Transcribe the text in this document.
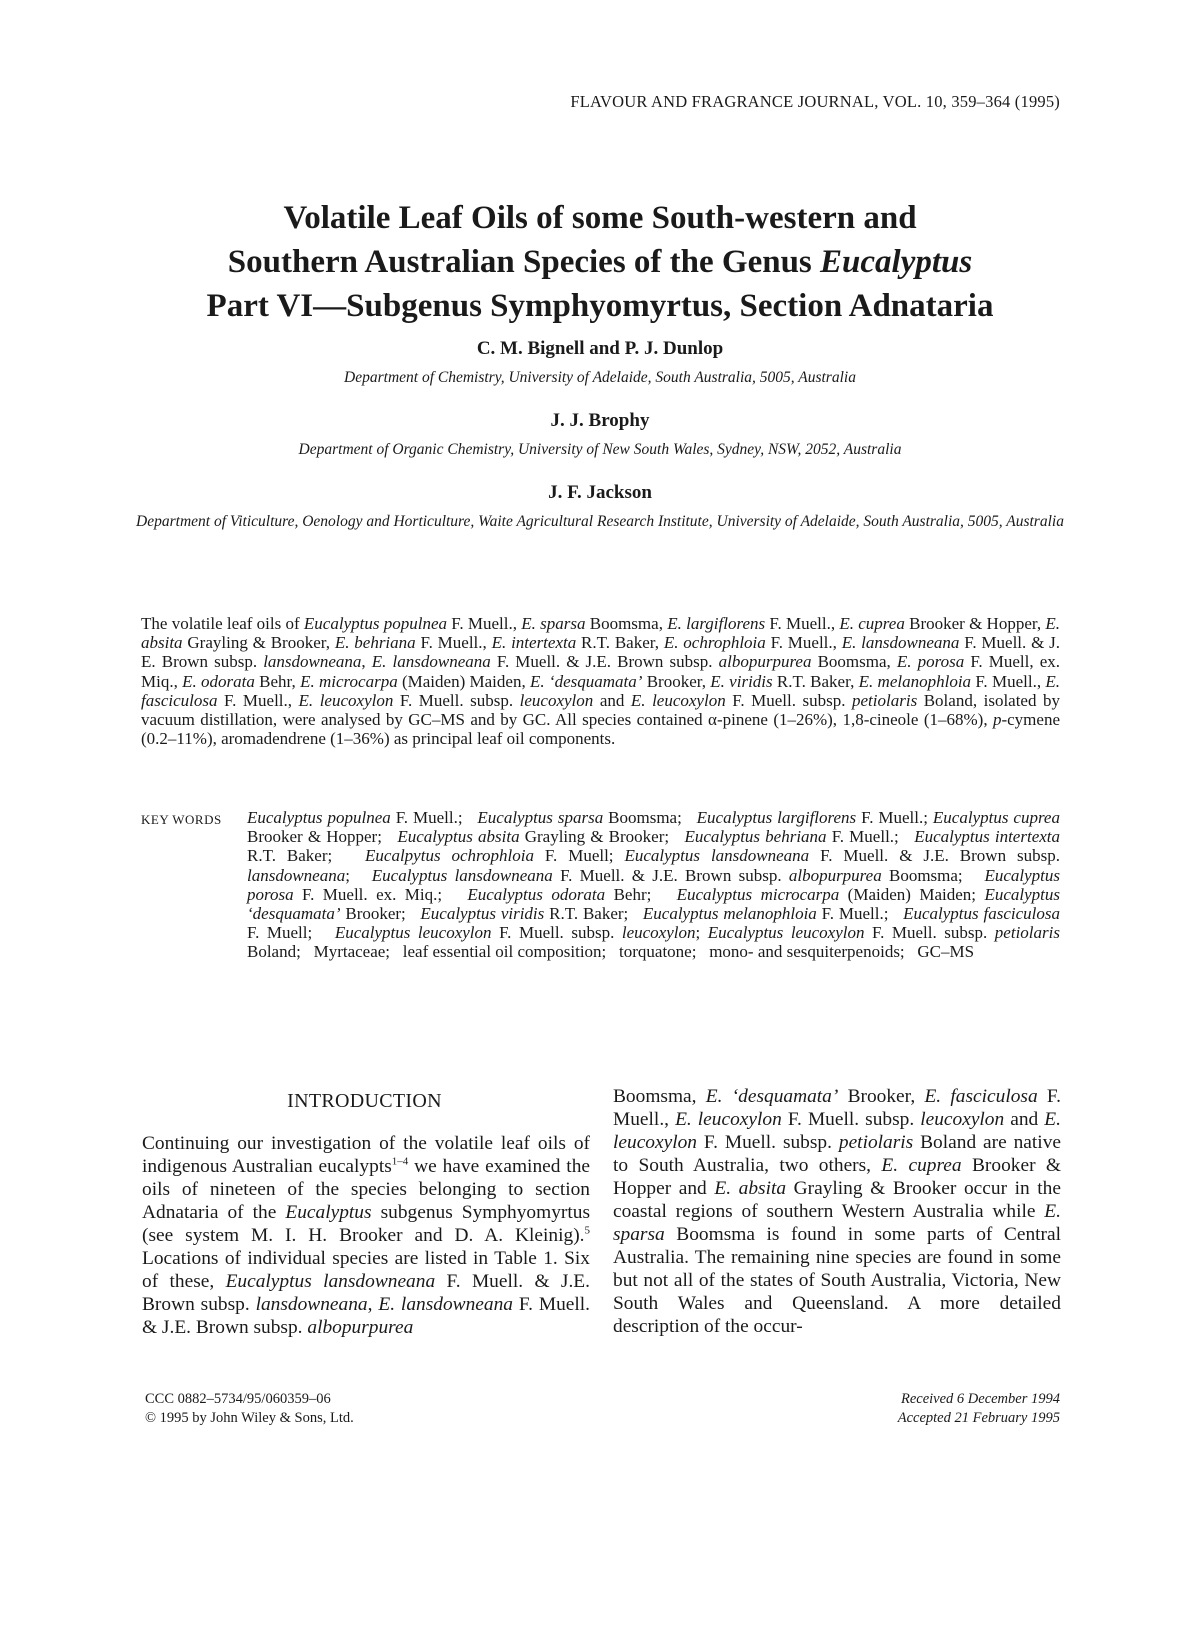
FLAVOUR AND FRAGRANCE JOURNAL, VOL. 10, 359–364 (1995)
Volatile Leaf Oils of some South-western and
Southern Australian Species of the Genus Eucalyptus
Part VI—Subgenus Symphyomyrtus, Section Adnataria
C. M. Bignell and P. J. Dunlop
Department of Chemistry, University of Adelaide, South Australia, 5005, Australia
J. J. Brophy
Department of Organic Chemistry, University of New South Wales, Sydney, NSW, 2052, Australia
J. F. Jackson
Department of Viticulture, Oenology and Horticulture, Waite Agricultural Research Institute, University of Adelaide, South Australia, 5005, Australia
The volatile leaf oils of Eucalyptus populnea F. Muell., E. sparsa Boomsma, E. largiflorens F. Muell., E. cuprea Brooker & Hopper, E. absita Grayling & Brooker, E. behriana F. Muell., E. intertexta R.T. Baker, E. ochrophloia F. Muell., E. lansdowneana F. Muell. & J. E. Brown subsp. lansdowneana, E. lansdowneana F. Muell. & J.E. Brown subsp. albopurpurea Boomsma, E. porosa F. Muell, ex. Miq., E. odorata Behr, E. microcarpa (Maiden) Maiden, E. ‘desquamata’ Brooker, E. viridis R.T. Baker, E. melanophloia F. Muell., E. fasciculosa F. Muell., E. leucoxylon F. Muell. subsp. leucoxylon and E. leucoxylon F. Muell. subsp. petiolaris Boland, isolated by vacuum distillation, were analysed by GC–MS and by GC. All species contained α-pinene (1–26%), 1,8-cineole (1–68%), p-cymene (0.2–11%), aromadendrene (1–36%) as principal leaf oil components.
KEY WORDS Eucalyptus populnea F. Muell.;   Eucalyptus sparsa Boomsma;   Eucalyptus largiflorens F. Muell.; Eucalyptus cuprea Brooker & Hopper;   Eucalyptus absita Grayling & Brooker;   Eucalyptus behriana F. Muell.;   Eucalyptus intertexta R.T. Baker;   Eucalpytus ochrophloia F. Muell; Eucalyptus lansdowneana F. Muell. & J.E. Brown subsp. lansdowneana;   Eucalyptus lansdowneana F. Muell. & J.E. Brown subsp. albopurpurea Boomsma;   Eucalyptus porosa F. Muell. ex. Miq.;   Eucalyptus odorata Behr;   Eucalyptus microcarpa (Maiden) Maiden; Eucalyptus ‘desquamata’ Brooker;   Eucalyptus viridis R.T. Baker;   Eucalyptus melanophloia F. Muell.;   Eucalyptus fasciculosa F. Muell;   Eucalyptus leucoxylon F. Muell. subsp. leucoxylon; Eucalyptus leucoxylon F. Muell. subsp. petiolaris Boland;   Myrtaceae;   leaf essential oil composition;   torquatone;   mono- and sesquiterpenoids;   GC–MS
INTRODUCTION
Continuing our investigation of the volatile leaf oils of indigenous Australian eucalypts$^{1-4}$ we have examined the oils of nineteen of the species belonging to section Adnataria of the Eucalyptus subgenus Symphyomyrtus (see system M. I. H. Brooker and D. A. Kleinig).$^5$ Locations of individual species are listed in Table 1. Six of these, Eucalyptus lansdowneana F. Muell. & J.E. Brown subsp. lansdowneana, E. lansdowneana F. Muell. & J.E. Brown subsp. albopurpurea
Boomsma, E. ‘desquamata’ Brooker, E. fasciculosa F. Muell., E. leucoxylon F. Muell. subsp. leucoxylon and E. leucoxylon F. Muell. subsp. petiolaris Boland are native to South Australia, two others, E. cuprea Brooker & Hopper and E. absita Grayling & Brooker occur in the coastal regions of southern Western Australia while E. sparsa Boomsma is found in some parts of Central Australia. The remaining nine species are found in some but not all of the states of South Australia, Victoria, New South Wales and Queensland. A more detailed description of the occur-
CCC 0882–5734/95/060359–06
© 1995 by John Wiley & Sons, Ltd.
Received 6 December 1994
Accepted 21 February 1995
